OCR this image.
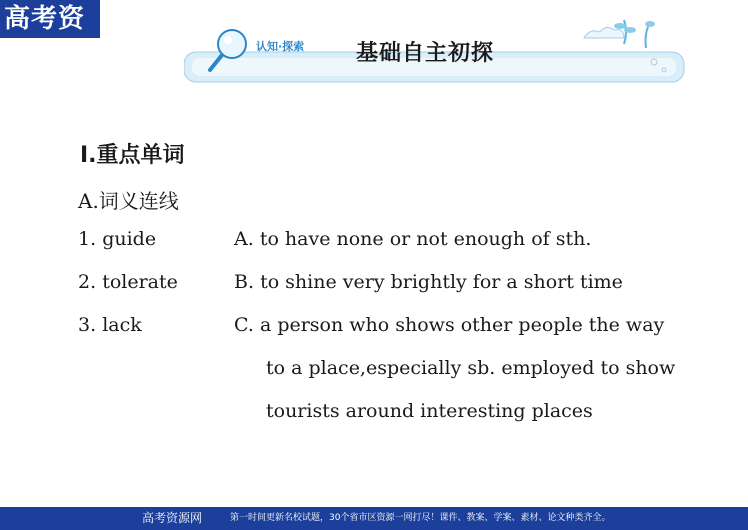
高考资
认知·探索 基础自主初探
Ⅰ.重点单词
A.词义连线
1. guide
2. tolerate
3. lack
A. to have none or not enough of sth.
B. to shine very brightly for a short time
C. a person who shows other people the way
to a place,especially sb. employed to show
tourists around interesting places
高考资源网	第一时间更新名校试题，30个省市区资源一网打尽！课件、教案、学案、素材、论文种类齐全。
